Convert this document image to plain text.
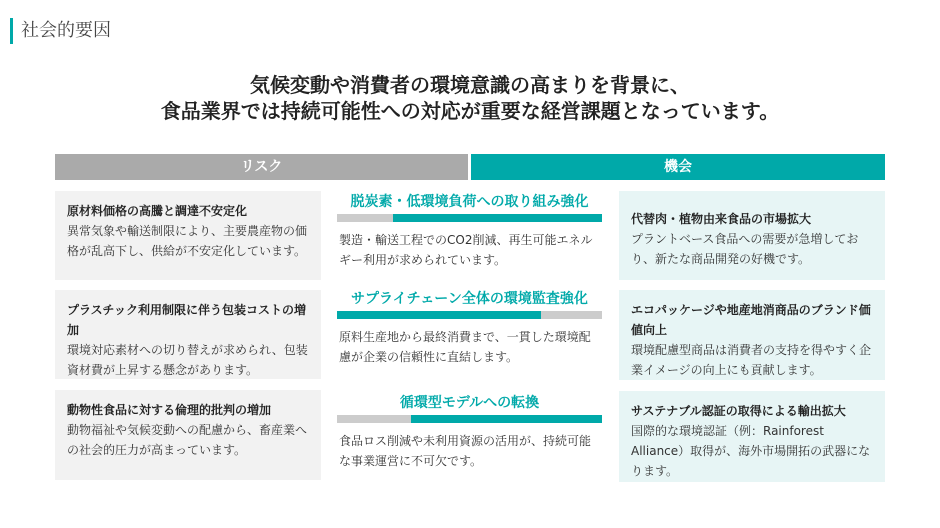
社会的要因
気候変動や消費者の環境意識の高まりを背景に、
食品業界では持続可能性への対応が重要な経営課題となっています。
リスク	機会
原材料価格の高騰と調達不安定化
異常気象や輸送制限により、主要農産物の価格が乱高下し、供給が不安定化しています。
プラスチック利用制限に伴う包装コストの増加
環境対応素材への切り替えが求められ、包装資材費が上昇する懸念があります。
動物性食品に対する倫理的批判の増加
動物福祉や気候変動への配慮から、畜産業への社会的圧力が高まっています。
脱炭素・低環境負荷への取り組み強化
製造・輸送工程でのCO2削減、再生可能エネルギー利用が求められています。
サプライチェーン全体の環境監査強化
原料生産地から最終消費まで、一貫した環境配慮が企業の信頼性に直結します。
循環型モデルへの転換
食品ロス削減や未利用資源の活用が、持続可能な事業運営に不可欠です。
代替肉・植物由来食品の市場拡大
プラントベース食品への需要が急増しており、新たな商品開発の好機です。
エコパッケージや地産地消商品のブランド価値向上
環境配慮型商品は消費者の支持を得やすく企業イメージの向上にも貢献します。
サステナブル認証の取得による輸出拡大
国際的な環境認証（例：Rainforest Alliance）取得が、海外市場開拓の武器になります。
